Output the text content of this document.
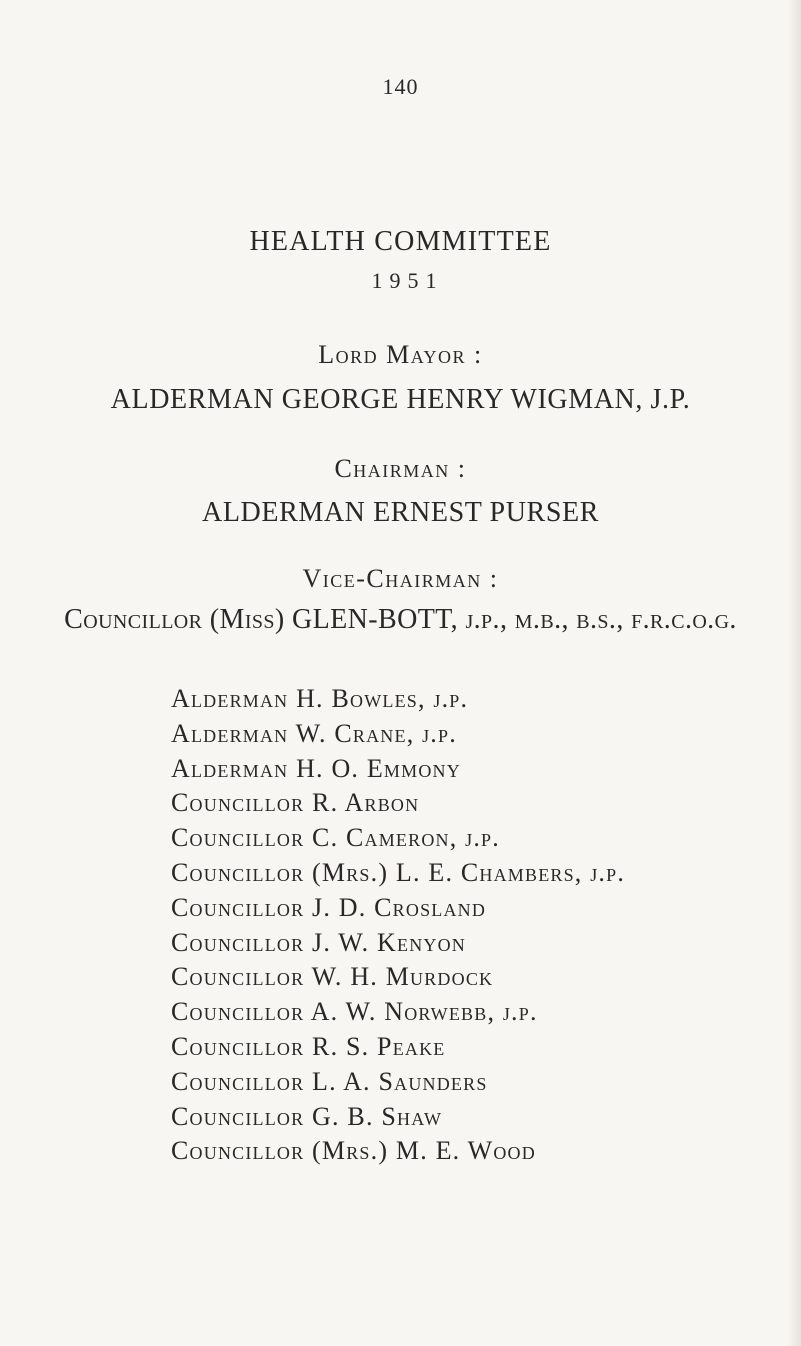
140
HEALTH COMMITTEE
1951
Lord Mayor :
ALDERMAN GEORGE HENRY WIGMAN, J.P.
Chairman :
ALDERMAN ERNEST PURSER
Vice-Chairman :
Councillor (Miss) GLEN-BOTT, j.p., m.b., b.s., f.r.c.o.g.
Alderman H. Bowles, j.p.
Alderman W. Crane, j.p.
Alderman H. O. Emmony
Councillor R. Arbon
Councillor C. Cameron, j.p.
Councillor (Mrs.) L. E. Chambers, j.p.
Councillor J. D. Crosland
Councillor J. W. Kenyon
Councillor W. H. Murdock
Councillor A. W. Norwebb, j.p.
Councillor R. S. Peake
Councillor L. A. Saunders
Councillor G. B. Shaw
Councillor (Mrs.) M. E. Wood
